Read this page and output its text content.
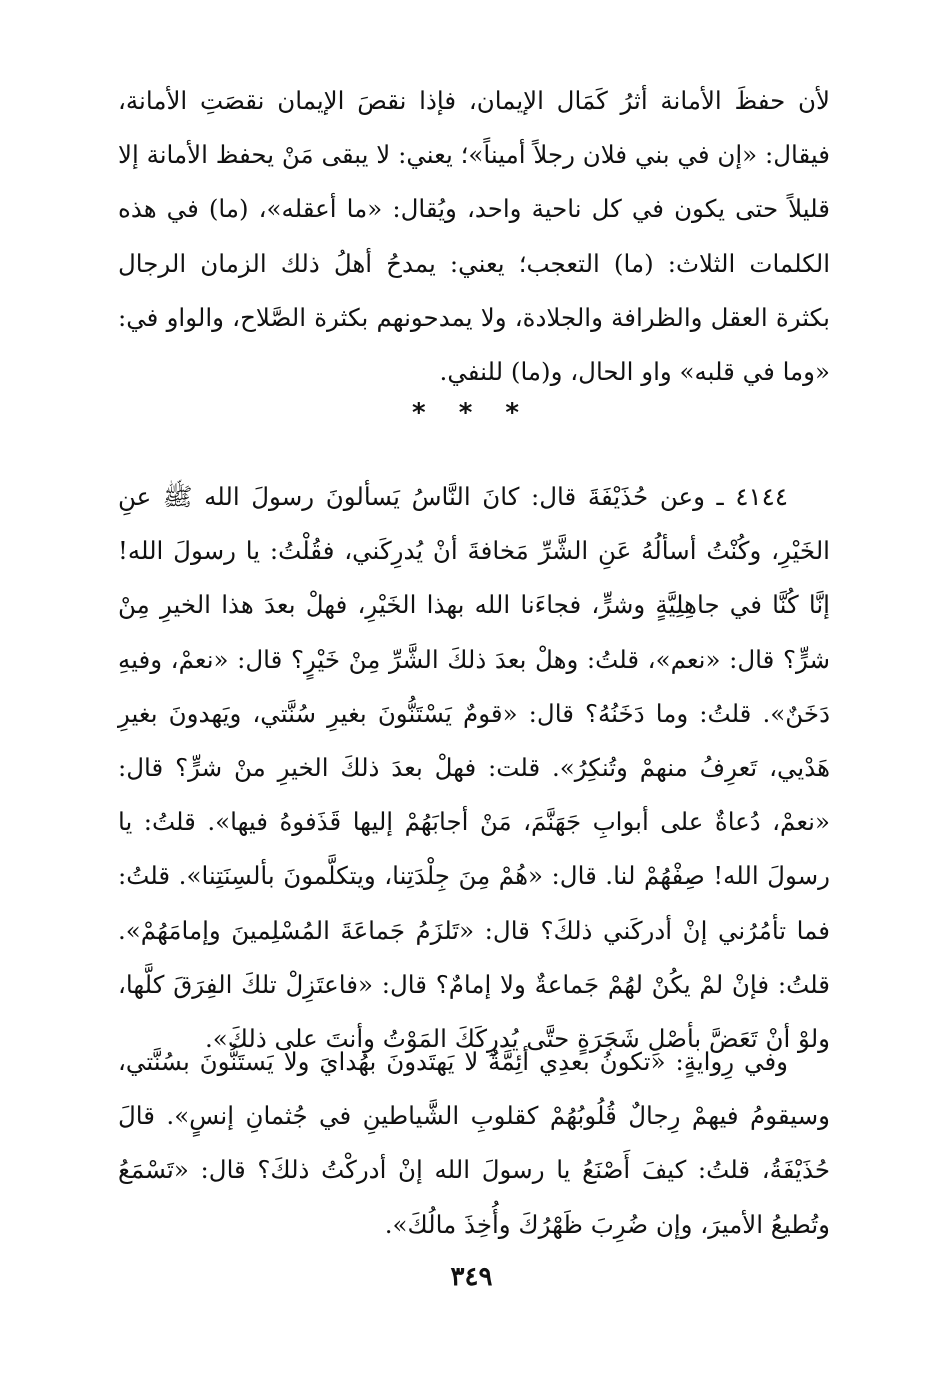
لأن حفظَ الأمانة أثرُ كَمَال الإيمان، فإذا نقصَ الإيمان نقصَتِ الأمانة، فيقال: «إن في بني فلان رجلاً أميناً»؛ يعني: لا يبقى مَنْ يحفظ الأمانة إلا قليلاً حتى يكون في كل ناحية واحد، ويُقال: «ما أعقله»، (ما) في هذه الكلمات الثلاث: (ما) التعجب؛ يعني: يمدحُ أهلُ ذلك الزمان الرجال بكثرة العقل والظرافة والجلادة، ولا يمدحونهم بكثرة الصَّلاح، والواو في: «وما في قلبه» واو الحال، و(ما) للنفي.

* * *

٤١٤٤ ـ وعن حُذَيْفَةَ قال: كانَ النَّاسُ يَسألونَ رسولَ الله ﷺ عنِ الخَيْرِ، وكُنْتُ أسألُهُ عَنِ الشَّرِّ مَخافةَ أنْ يُدرِكَني، فقُلْتُ: يا رسولَ الله! إنَّا كُنَّا في جاهِلِيَّةٍ وشرٍّ، فجاءَنا الله بهذا الخَيْرِ، فهلْ بعدَ هذا الخيرِ مِنْ شرٍّ؟ قال: «نعم»، قلتُ: وهلْ بعدَ ذلكَ الشَّرِّ مِنْ خَيْرٍ؟ قال: «نعمْ، وفيهِ دَخَنٌ». قلتُ: وما دَخَنُهُ؟ قال: «قومٌ يَسْتَنُّونَ بغيرِ سُنَّتي، ويَهدونَ بغيرِ هَدْيي، تَعرِفُ منهمْ وتُنكِرُ». قلت: فهلْ بعدَ ذلكَ الخيرِ منْ شرٍّ؟ قال: «نعمْ، دُعاةٌ على أبوابِ جَهَنَّمَ، مَنْ أجابَهُمْ إليها قَذَفوهُ فيها». قلتُ: يا رسولَ الله! صِفْهُمْ لنا. قال: «هُمْ مِنَ جِلْدَتِنا، ويتكلَّمونَ بألسِنَتِنا». قلتُ: فما تأمُرُني إنْ أدركَني ذلكَ؟ قال: «تَلزَمُ جَماعَةَ المُسْلِمينَ وإمامَهُمْ». قلتُ: فإنْ لمْ يكُنْ لهُمْ جَماعةٌ ولا إمامٌ؟ قال: «فاعتَزِلْ تلكَ الفِرَقَ كلَّها، ولوْ أنْ تَعَضَّ بأصْلِ شَجَرَةٍ حتَّى يُدرِكَكَ المَوْتُ وأنتَ على ذلكَ».

وفي رِوايةٍ: «تكونُ بعدِي أئِمَّةٌ لا يَهتَدونَ بهُدايَ ولا يَستَنُّونَ بسُنَّتي، وسيقومُ فيهمْ رِجالٌ قُلُوبُهُمْ كقلوبِ الشَّياطينِ في جُثمانِ إنسٍ». قالَ حُذَيْفَةُ، قلتُ: كيفَ أَصْنَعُ يا رسولَ الله إنْ أدركْتُ ذلكَ؟ قال: «تَسْمَعُ وتُطيعُ الأميرَ، وإن ضُرِبَ ظَهْرُكَ وأُخِذَ مالُكَ».

٣٤٩
